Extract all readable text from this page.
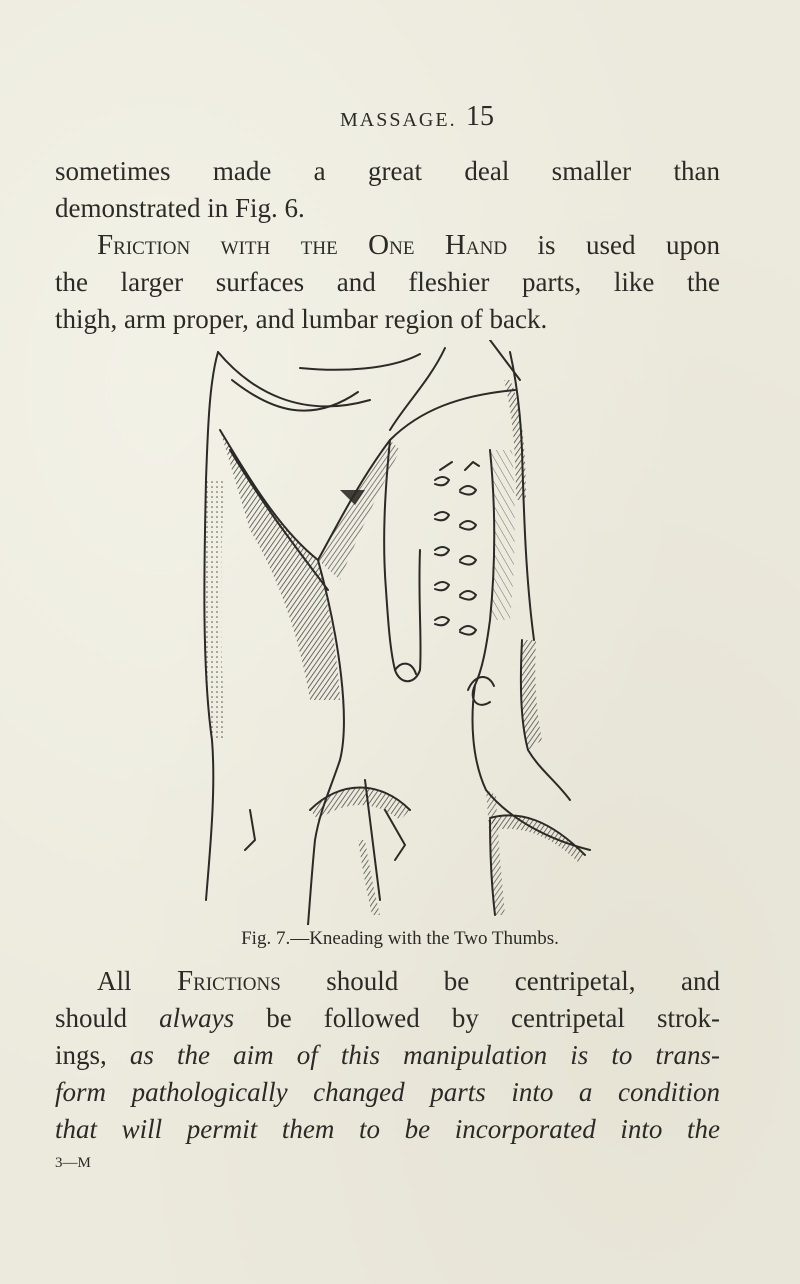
MASSAGE. 15
sometimes made a great deal smaller than
demonstrated in Fig. 6.
Friction with the One Hand is used upon
the larger surfaces and fleshier parts, like the
thigh, arm proper, and lumbar region of back.
Fig. 7.—Kneading with the Two Thumbs.
All Frictions should be centripetal, and
should always be followed by centripetal strok-
ings, as the aim of this manipulation is to trans-
form pathologically changed parts into a condition
that will permit them to be incorporated into the
3—M
